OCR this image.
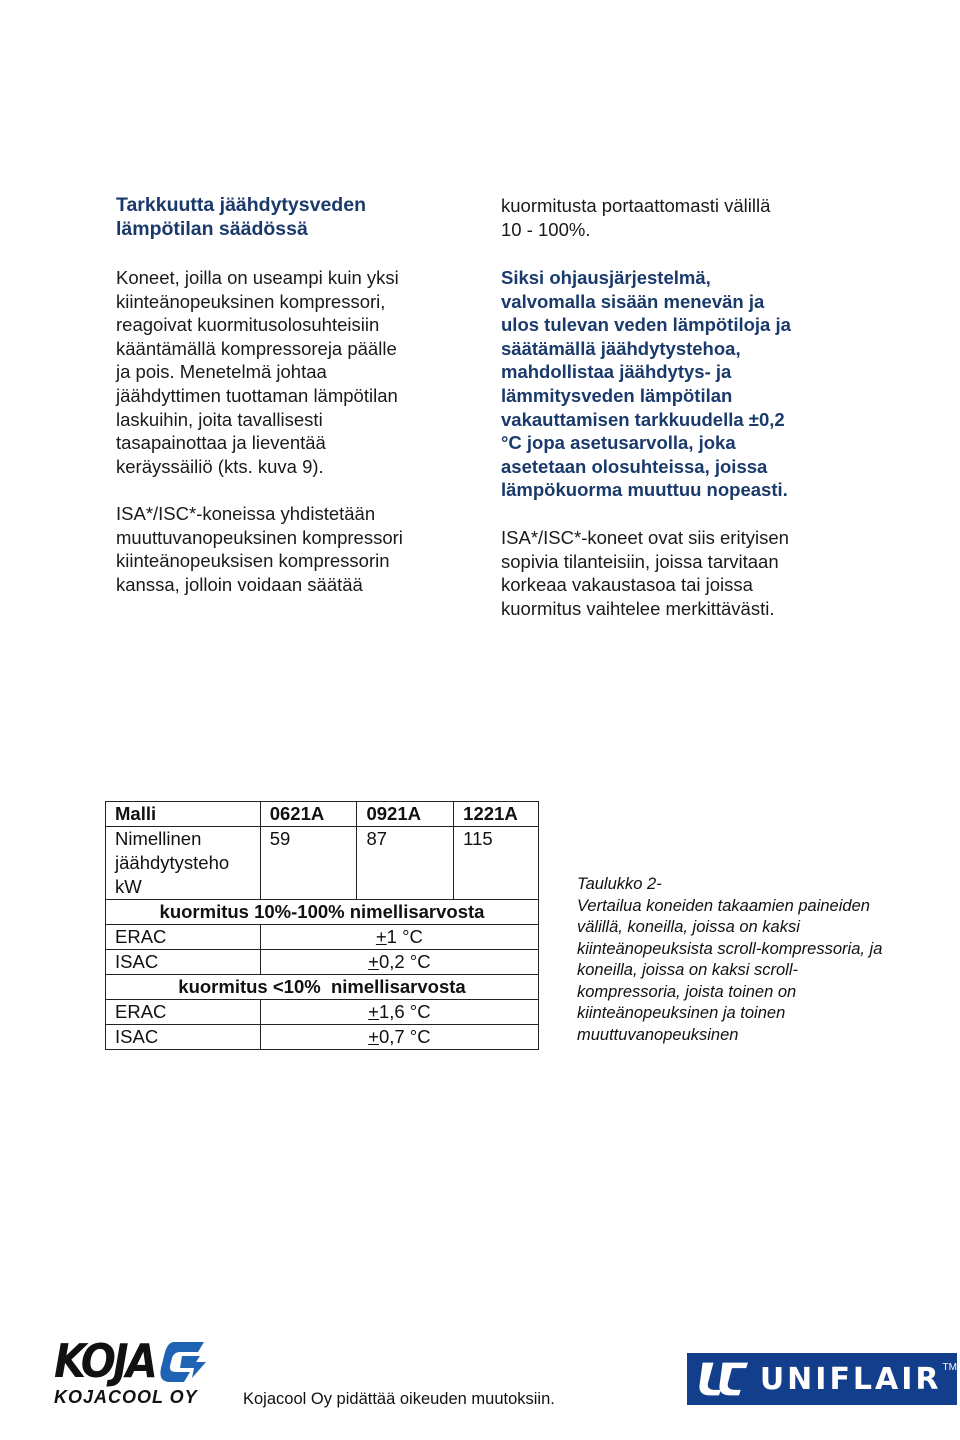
Tarkkuutta jäähdytysveden
lämpötilan säädössä
Koneet, joilla on useampi kuin yksi
kiinteänopeuksinen kompressori,
reagoivat kuormitusolosuhteisiin
kääntämällä kompressoreja päälle
ja pois. Menetelmä johtaa
jäähdyttimen tuottaman lämpötilan
laskuihin, joita tavallisesti
tasapainottaa ja lieventää
keräyssäiliö (kts. kuva 9).
ISA*/ISC*-koneissa yhdistetään
muuttuvanopeuksinen kompressori
kiinteänopeuksisen kompressorin
kanssa, jolloin voidaan säätää
kuormitusta portaattomasti välillä
10 - 100%.
Siksi ohjausjärjestelmä,
valvomalla sisään menevän ja
ulos tulevan veden lämpötiloja ja
säätämällä jäähdytystehoa,
mahdollistaa jäähdytys- ja
lämmitysveden lämpötilan
vakauttamisen tarkkuudella ±0,2
°C jopa asetusarvolla, joka
asetetaan olosuhteissa, joissa
lämpökuorma muuttuu nopeasti.
ISA*/ISC*-koneet ovat siis erityisen
sopivia tilanteisiin, joissa tarvitaan
korkeaa vakaustasoa tai joissa
kuormitus vaihtelee merkittävästi.
Malli	0621A	0921A	1221A

Nimellinen
jäähdytysteho
kW	59	87	115
kuormitus 10%-100% nimellisarvosta			
ERAC	+1 °C		
ISAC	+0,2 °C		
kuormitus <10%  nimellisarvosta			
ERAC	+1,6 °C		
ISAC	+0,7 °C		
Taulukko 2-
Vertailua koneiden takaamien paineiden
välillä, koneilla, joissa on kaksi
kiinteänopeuksista scroll-kompressoria, ja
koneilla, joissa on kaksi scroll-
kompressoria, joista toinen on
kiinteänopeuksinen ja toinen
muuttuvanopeuksinen
KOJA
KOJACOOL OY	Kojacool Oy pidättää oikeuden muutoksiin.
UNIFLAIR TM
